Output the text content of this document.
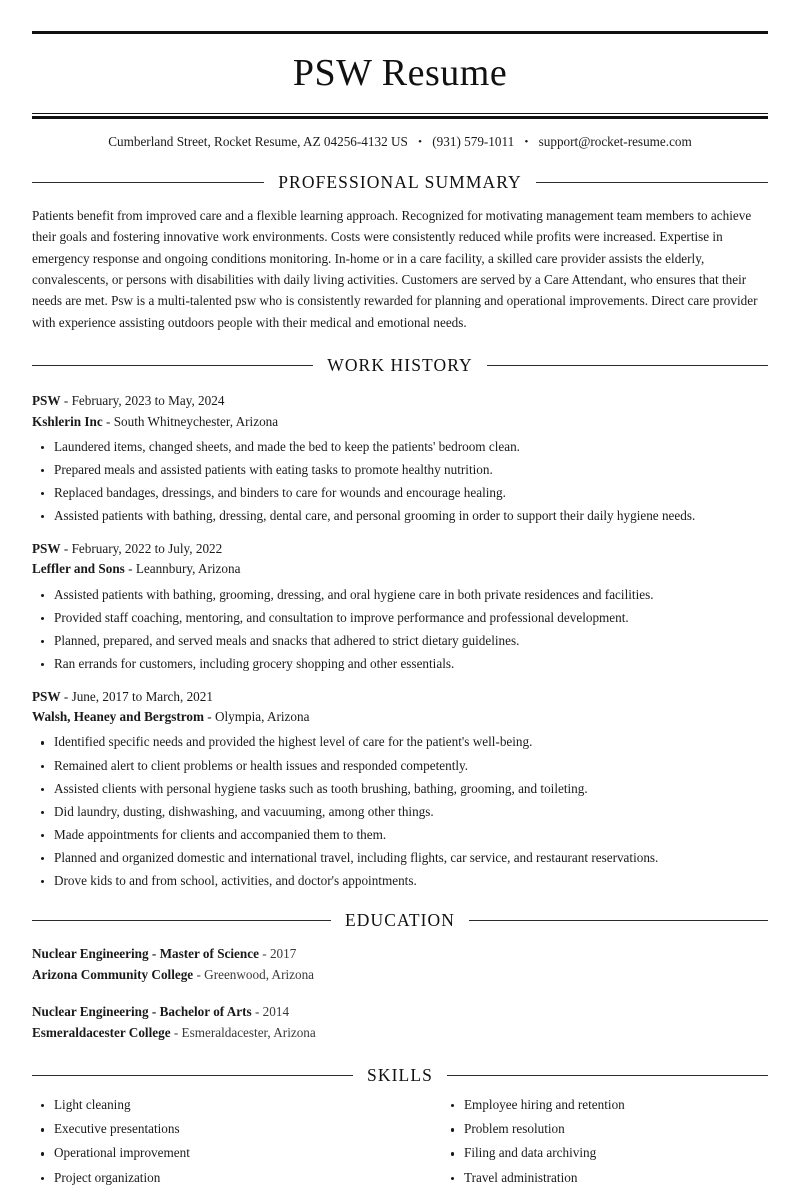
PSW Resume
Cumberland Street, Rocket Resume, AZ 04256-4132 US • (931) 579-1011 • support@rocket-resume.com
PROFESSIONAL SUMMARY

Patients benefit from improved care and a flexible learning approach. Recognized for motivating management team members to achieve their goals and fostering innovative work environments. Costs were consistently reduced while profits were increased. Expertise in emergency response and ongoing conditions monitoring. In-home or in a care facility, a skilled care provider assists the elderly, convalescents, or persons with disabilities with daily living activities. Customers are served by a Care Attendant, who ensures that their needs are met. Psw is a multi-talented psw who is consistently rewarded for planning and operational improvements. Direct care provider with experience assisting outdoors people with their medical and emotional needs.

WORK HISTORY
PSW - February, 2023 to May, 2024
Kshlerin Inc - South Whitneychester, Arizona
Laundered items, changed sheets, and made the bed to keep the patients' bedroom clean.
Prepared meals and assisted patients with eating tasks to promote healthy nutrition.
Replaced bandages, dressings, and binders to care for wounds and encourage healing.
Assisted patients with bathing, dressing, dental care, and personal grooming in order to support their daily hygiene needs.
PSW - February, 2022 to July, 2022
Leffler and Sons - Leannbury, Arizona
Assisted patients with bathing, grooming, dressing, and oral hygiene care in both private residences and facilities.
Provided staff coaching, mentoring, and consultation to improve performance and professional development.
Planned, prepared, and served meals and snacks that adhered to strict dietary guidelines.
Ran errands for customers, including grocery shopping and other essentials.
PSW - June, 2017 to March, 2021
Walsh, Heaney and Bergstrom - Olympia, Arizona
Identified specific needs and provided the highest level of care for the patient's well-being.
Remained alert to client problems or health issues and responded competently.
Assisted clients with personal hygiene tasks such as tooth brushing, bathing, grooming, and toileting.
Did laundry, dusting, dishwashing, and vacuuming, among other things.
Made appointments for clients and accompanied them to them.
Planned and organized domestic and international travel, including flights, car service, and restaurant reservations.
Drove kids to and from school, activities, and doctor's appointments.
EDUCATION
Nuclear Engineering - Master of Science - 2017
Arizona Community College - Greenwood, Arizona
Nuclear Engineering - Bachelor of Arts - 2014
Esmeraldacester College - Esmeraldacester, Arizona
SKILLS
Light cleaning
Executive presentations
Operational improvement
Project organization
Employee hiring and retention
Problem resolution
Filing and data archiving
Travel administration
